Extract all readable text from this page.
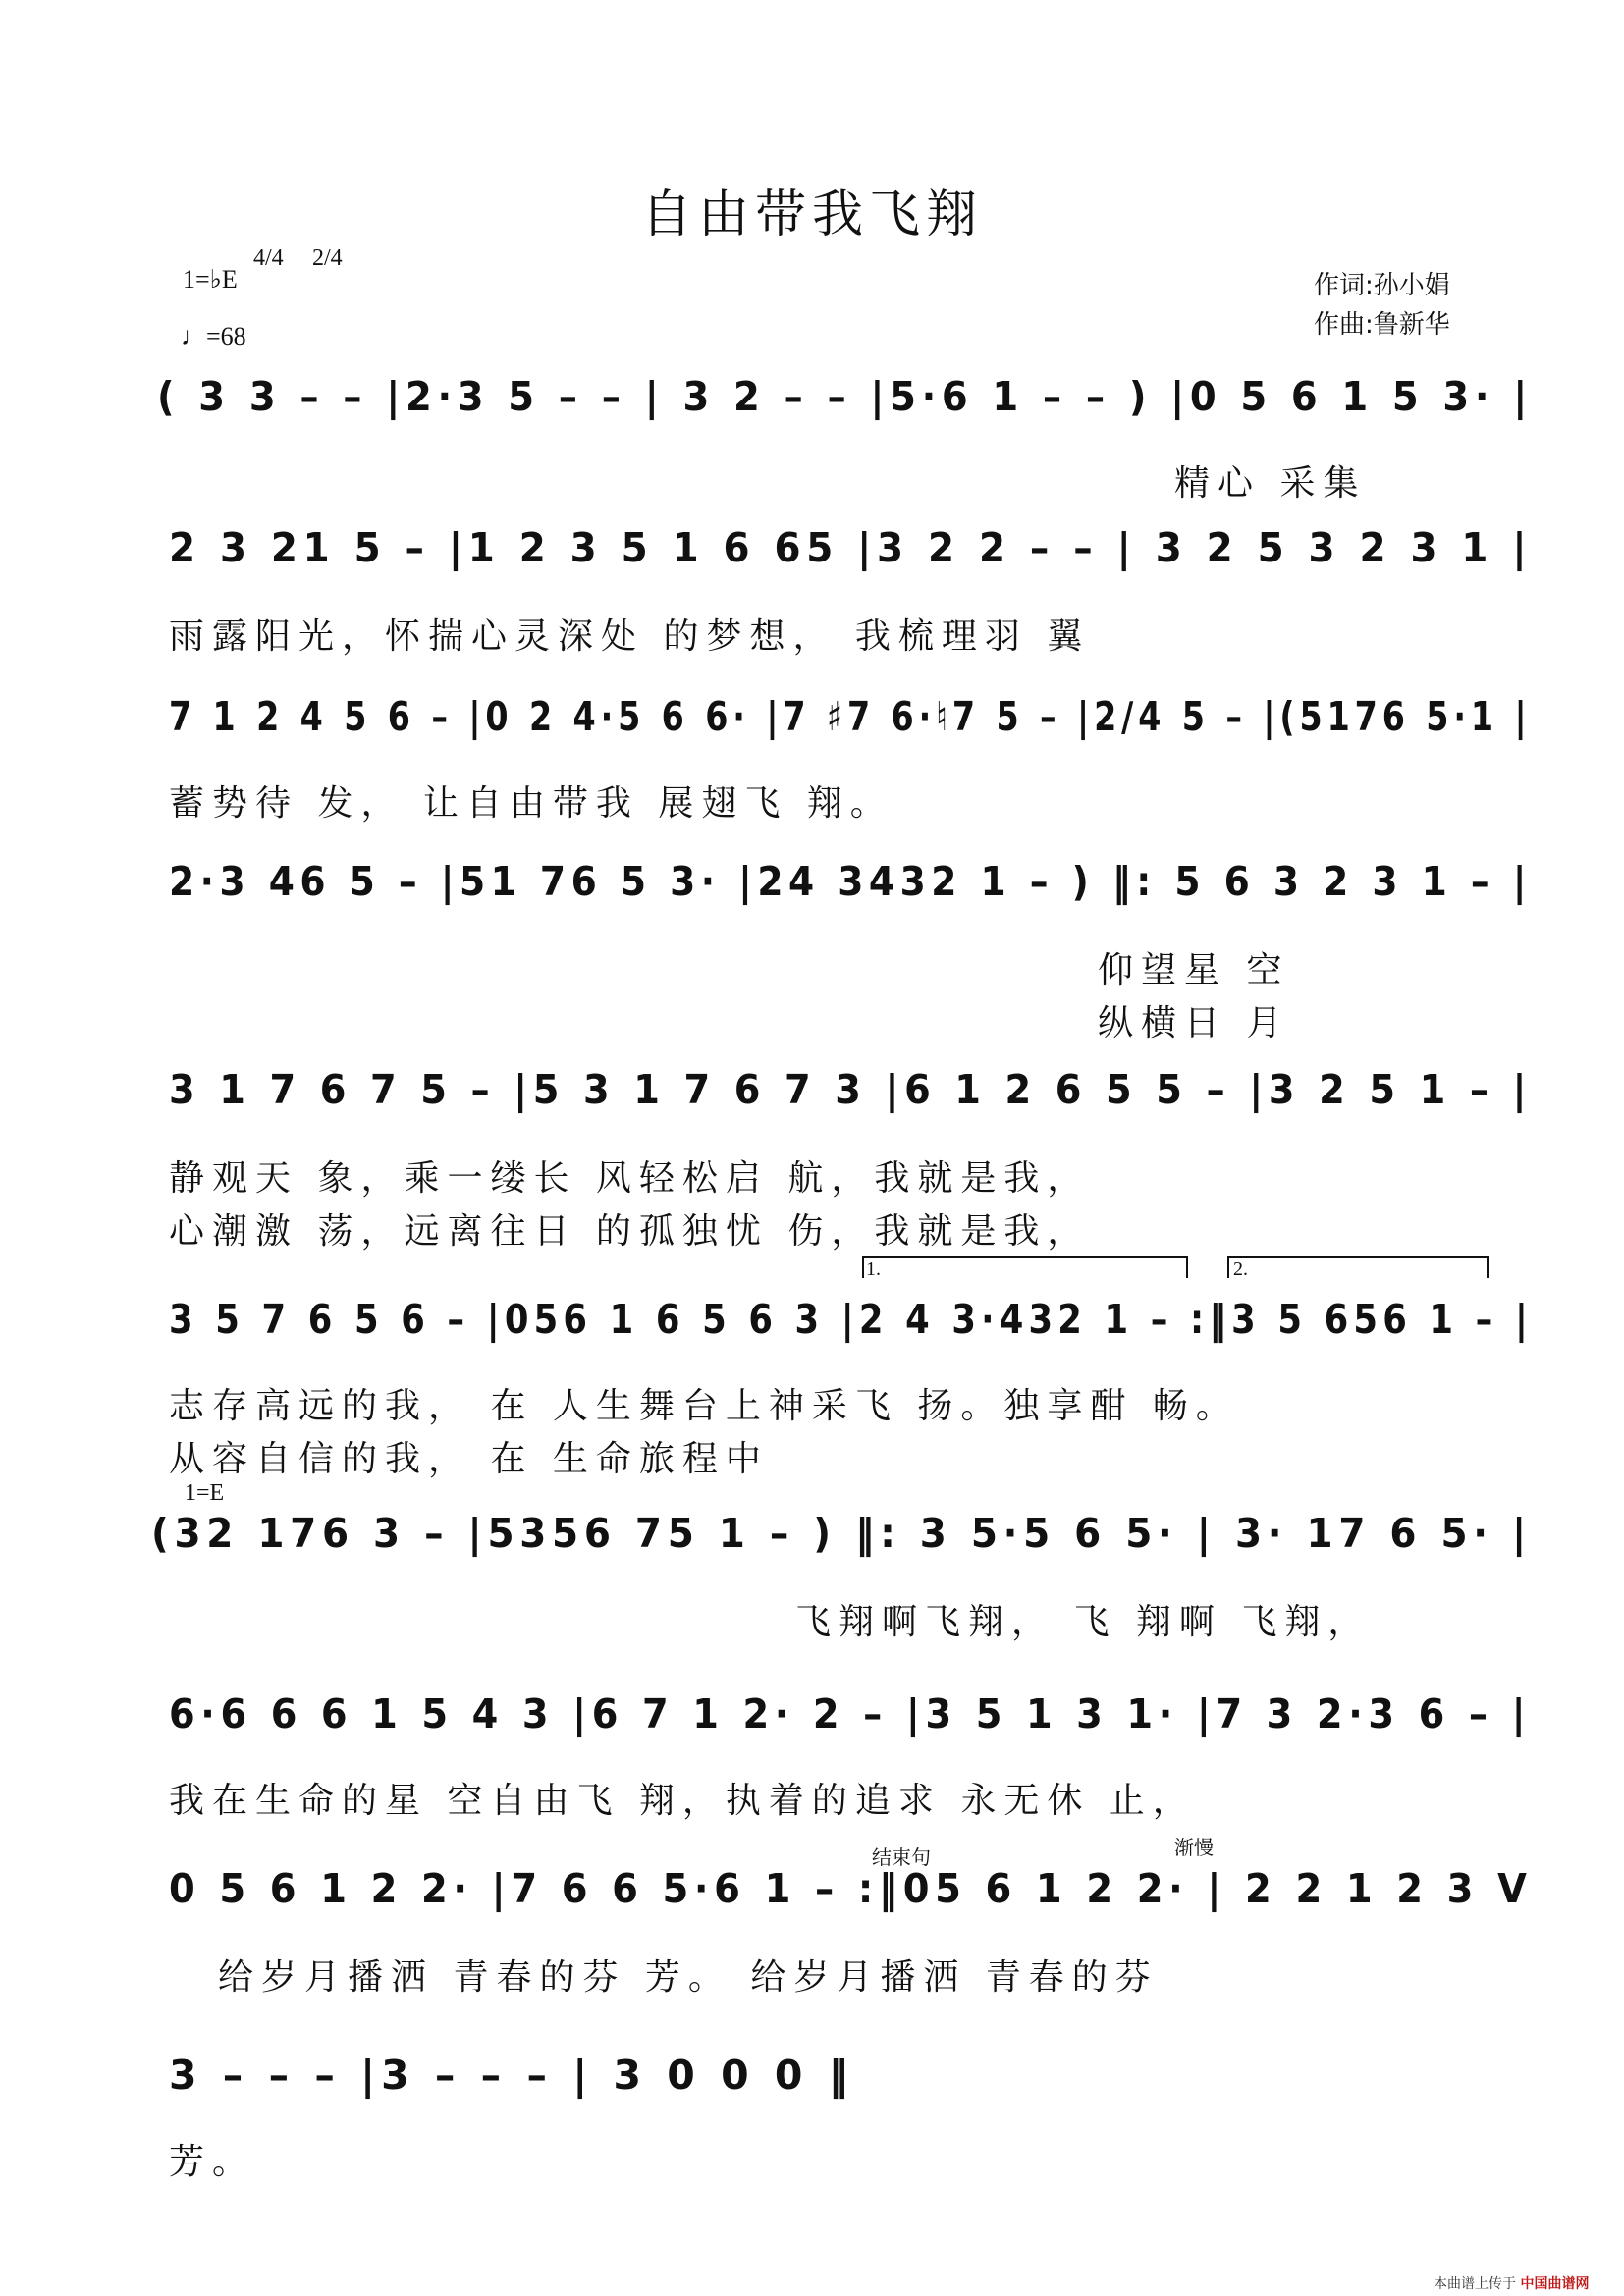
自由带我飞翔
1=♭E
4/4 2/4
♩=68
作词:孙小娟
作曲:鲁新华
( 3 3 – – |2·3 5 – – | 3 2 – – |5·6 1 – – ) |0 5 6 1 5 3· |
精心 采集
2 3 21 5 – |1 2 3 5 1 6 65 |3 2 2 – – | 3 2 5 3 2 3 1 |
雨露阳光，怀揣心灵深处 的梦想， 我梳理羽 翼
7 1 2 4 5 6 – |0 2 4·5 6 6· |7 ♯7 6·♮7 5 – |2/4 5 – |(5176 5·1 |
蓄势待 发， 让自由带我 展翅飞 翔。
2·3 46 5 – |51 76 5 3· |24 3432 1 – ) ‖: 5 6 3 2 3 1 – |
仰望星 空
纵横日 月
3 1 7 6 7 5 – |5 3 1 7 6 7 3 |6 1 2 6 5 5 – |3 2 5 1 – |
静观天 象，乘一缕长 风轻松启 航，我就是我，
心潮激 荡，远离往日 的孤独忧 伤，我就是我，
1.	2.
3 5 7 6 5 6 – |056 1 6 5 6 3 |2 4 3·432 1 – :‖3 5 656 1 – |
志存高远的我， 在 人生舞台上神采飞 扬。独享酣 畅。
从容自信的我， 在 生命旅程中
1=E
(32 176 3 – |5356 75 1 – ) ‖: 3 5·5 6 5· | 3· 17 6 5· |
飞翔啊飞翔， 飞 翔啊 飞翔，
6·6 6 6 1 5 4 3 |6 7 1 2· 2 – |3 5 1 3 1· |7 3 2·3 6 – |
我在生命的星 空自由飞 翔，执着的追求 永无休 止，
结束句	渐慢
0 5 6 1 2 2· |7 6 6 5·6 1 – :‖05 6 1 2 2· | 2 2 1 2 3 V
给岁月播洒 青春的芬 芳。 给岁月播洒 青春的芬
3 – – – |3 – – – | 3 0 0 0 ‖
芳。
本曲谱上传于 中国曲谱网
